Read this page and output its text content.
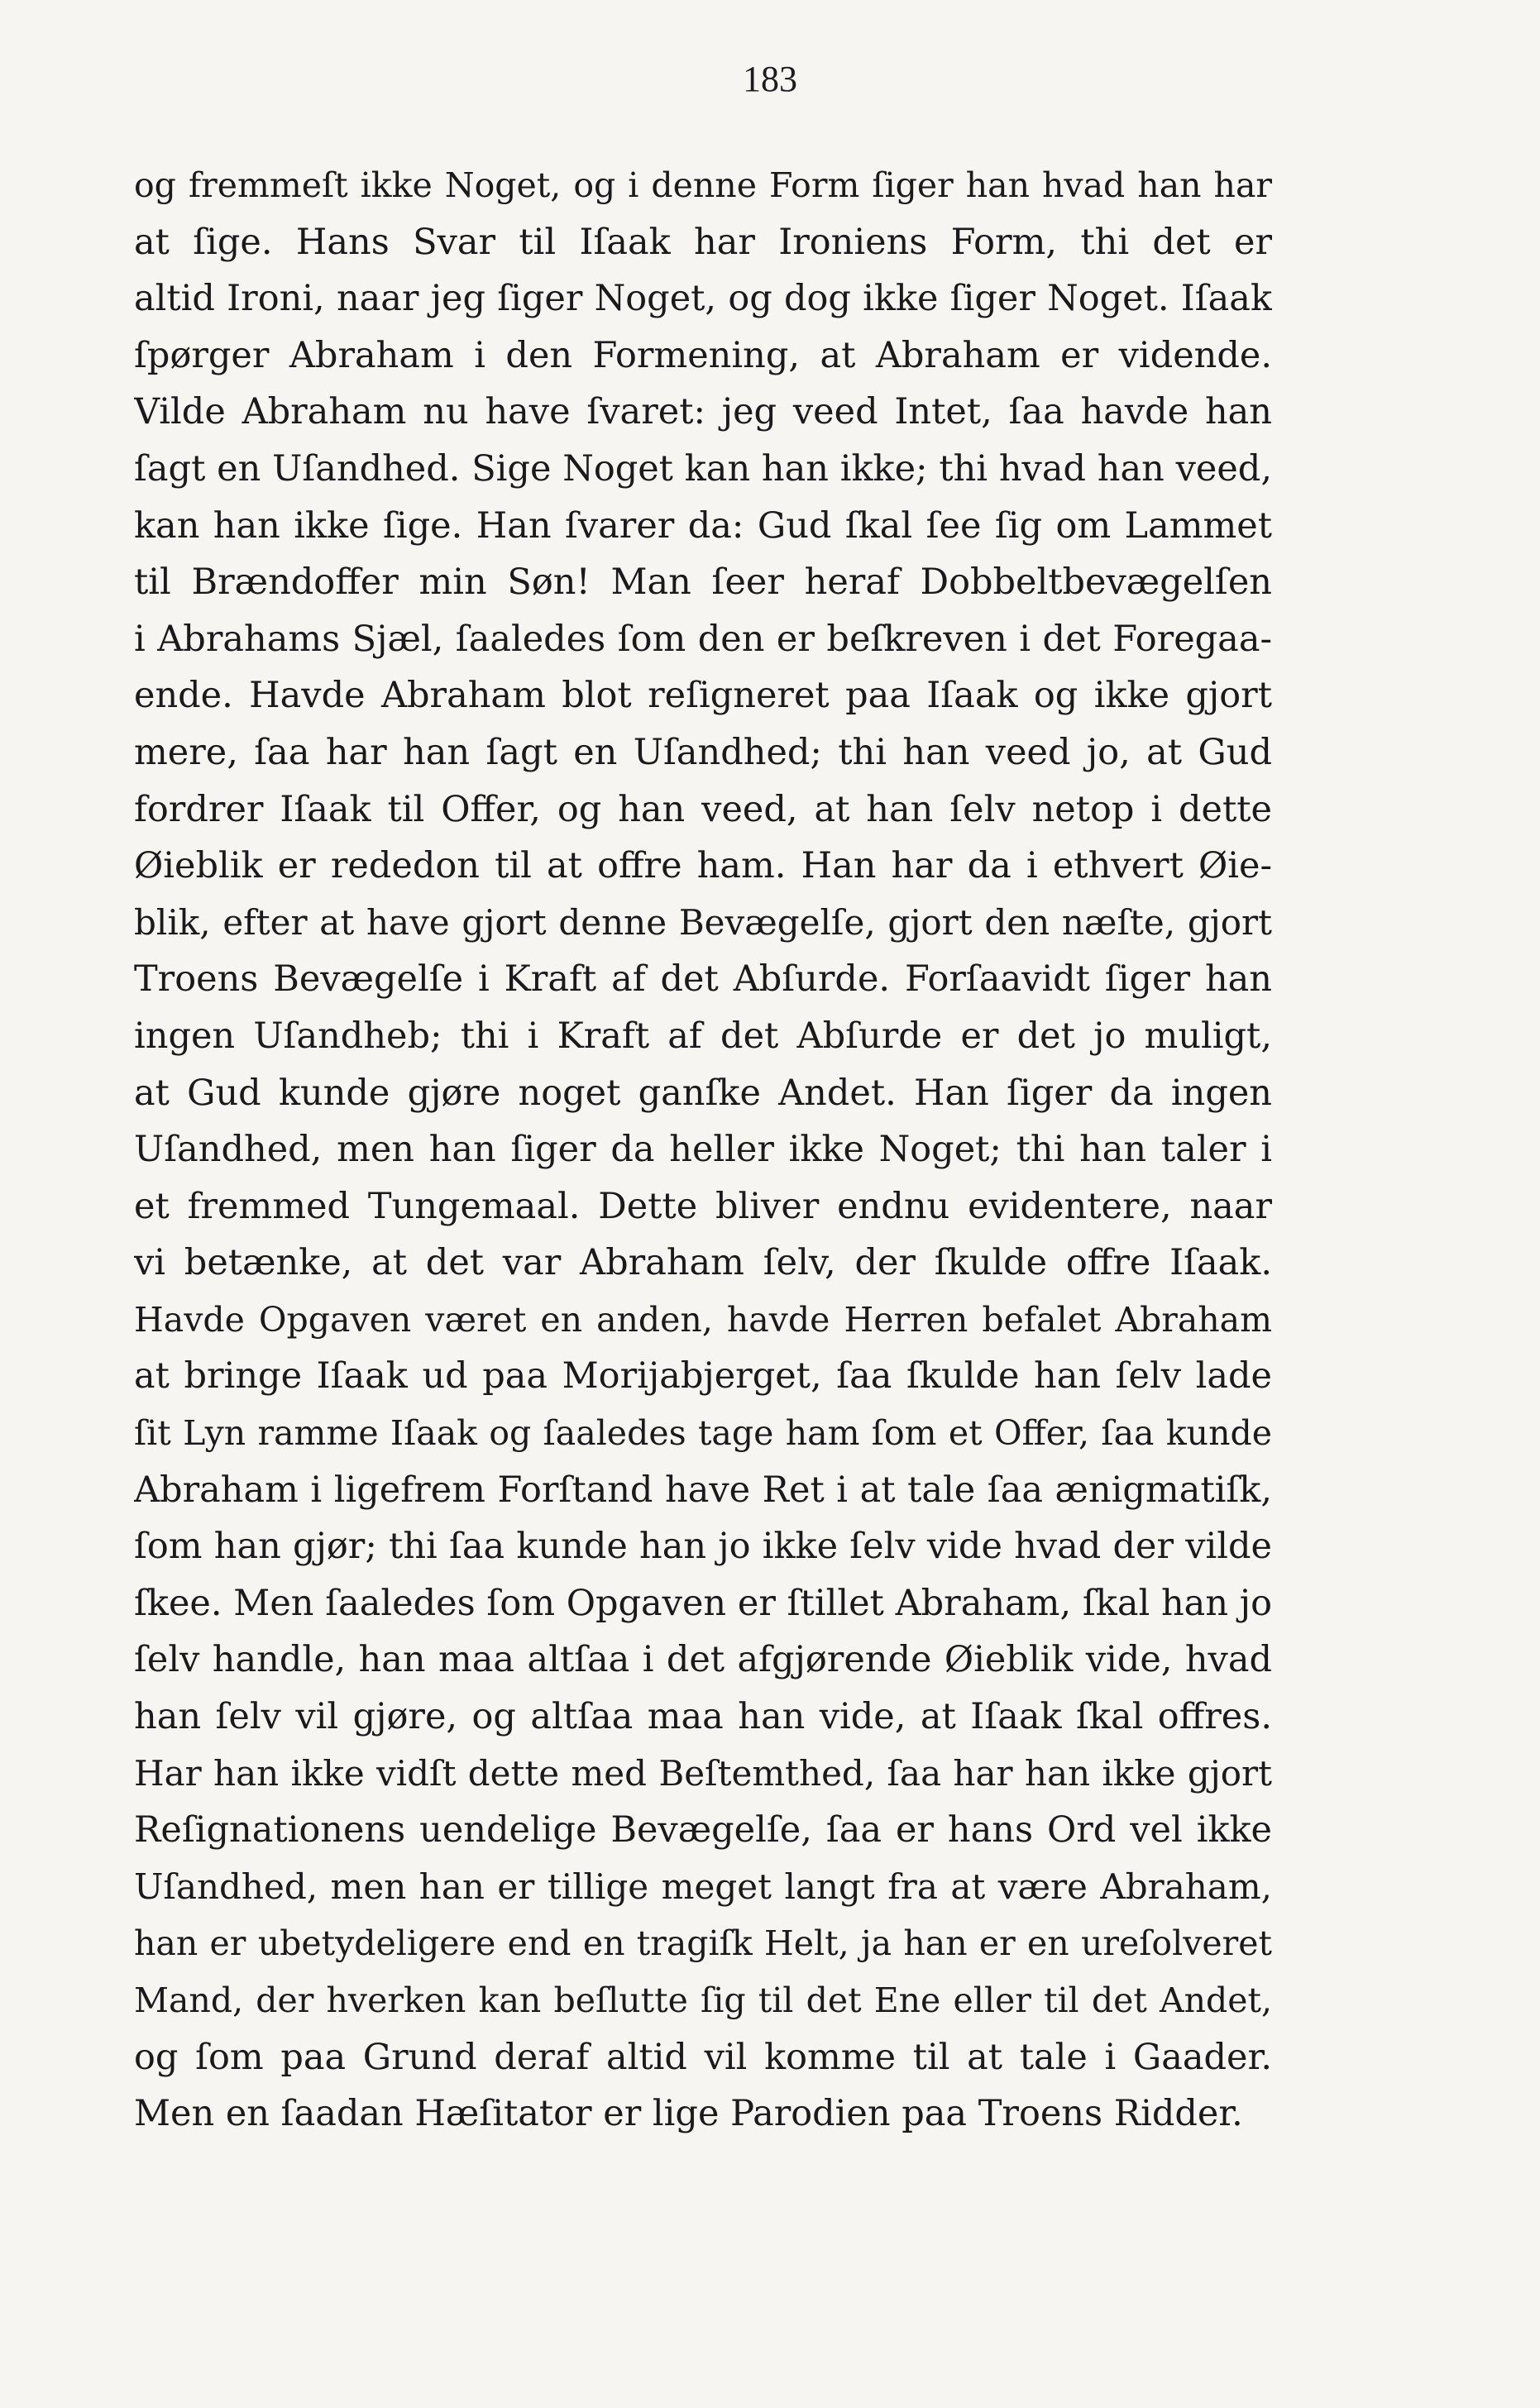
183
og fremmeſt ikke Noget, og i denne Form ſiger han hvad han har
at ſige. Hans Svar til Iſaak har Ironiens Form, thi det er
altid Ironi, naar jeg ſiger Noget, og dog ikke ſiger Noget. Iſaak
ſpørger Abraham i den Formening, at Abraham er vidende.
Vilde Abraham nu have ſvaret: jeg veed Intet, ſaa havde han
ſagt en Uſandhed. Sige Noget kan han ikke; thi hvad han veed,
kan han ikke ſige. Han ſvarer da: Gud ſkal ſee ſig om Lammet
til Brændoffer min Søn! Man ſeer heraf Dobbeltbevægelſen
i Abrahams Sjæl, ſaaledes ſom den er beſkreven i det Foregaa-
ende. Havde Abraham blot reſigneret paa Iſaak og ikke gjort
mere, ſaa har han ſagt en Uſandhed; thi han veed jo, at Gud
fordrer Iſaak til Offer, og han veed, at han ſelv netop i dette
Øieblik er rededon til at offre ham. Han har da i ethvert Øie-
blik, efter at have gjort denne Bevægelſe, gjort den næſte, gjort
Troens Bevægelſe i Kraft af det Abſurde. Forſaavidt ſiger han
ingen Uſandheb; thi i Kraft af det Abſurde er det jo muligt,
at Gud kunde gjøre noget ganſke Andet. Han ſiger da ingen
Uſandhed, men han ſiger da heller ikke Noget; thi han taler i
et fremmed Tungemaal. Dette bliver endnu evidentere, naar
vi betænke, at det var Abraham ſelv, der ſkulde offre Iſaak.
Havde Opgaven været en anden, havde Herren befalet Abraham
at bringe Iſaak ud paa Morijabjerget, ſaa ſkulde han ſelv lade
ſit Lyn ramme Iſaak og ſaaledes tage ham ſom et Offer, ſaa kunde
Abraham i ligefrem Forſtand have Ret i at tale ſaa ænigmatiſk,
ſom han gjør; thi ſaa kunde han jo ikke ſelv vide hvad der vilde
ſkee. Men ſaaledes ſom Opgaven er ſtillet Abraham, ſkal han jo
ſelv handle, han maa altſaa i det afgjørende Øieblik vide, hvad
han ſelv vil gjøre, og altſaa maa han vide, at Iſaak ſkal offres.
Har han ikke vidſt dette med Beſtemthed, ſaa har han ikke gjort
Reſignationens uendelige Bevægelſe, ſaa er hans Ord vel ikke
Uſandhed, men han er tillige meget langt fra at være Abraham,
han er ubetydeligere end en tragiſk Helt, ja han er en ureſolveret
Mand, der hverken kan beſlutte ſig til det Ene eller til det Andet,
og ſom paa Grund deraf altid vil komme til at tale i Gaader.
Men en ſaadan Hæſitator er lige Parodien paa Troens Ridder.
